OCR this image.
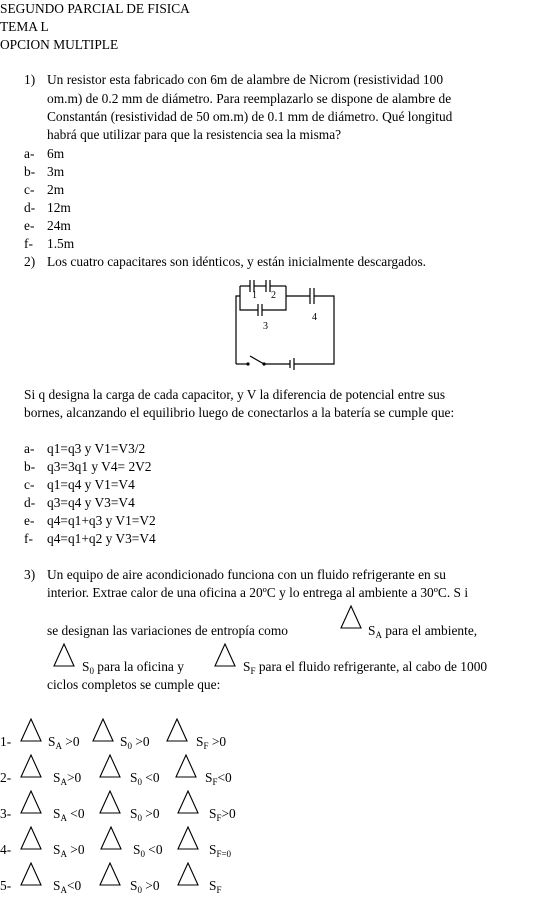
SEGUNDO PARCIAL DE FISICA
TEMA L
OPCION MULTIPLE
1) Un resistor esta fabricado con 6m de alambre de Nicrom (resistividad 100
om.m) de 0.2 mm de diámetro. Para reemplazarlo se dispone de alambre de
Constantán (resistividad de 50 om.m) de 0.1 mm de diámetro. Qué longitud
habrá que utilizar para que la resistencia sea la misma?
a- 6m
b- 3m
c- 2m
d- 12m
e- 24m
f- 1.5m
2) Los cuatro capacitares son idénticos, y están inicialmente descargados.
1 2
3
4
Si q designa la carga de cada capacitor, y V la diferencia de potencial entre sus
bornes, alcanzando el equilibrio luego de conectarlos a la batería se cumple que:
a- q1=q3 y V1=V3/2
b- q3=3q1 y V4= 2V2
c- q1=q4 y V1=V4
d- q3=q4 y V3=V4
e- q4=q1+q3 y V1=V2
f- q4=q1+q2 y V3=V4
3) Un equipo de aire acondicionado funciona con un fluido refrigerante en su
interior. Extrae calor de una oficina a 20ºC y lo entrega al ambiente a 30ºC. S i
se designan las variaciones de entropía como	$S_A$ para el ambiente,
$S_0$ para la oficina y	$S_F$ para el fluido refrigerante, al cabo de 1000
ciclos completos se cumple que:
1-	$S_A >0$	$S_0 >0$	$S_F >0$
2-	$S_A>0$	$S_0 <0$	$S_F<0$
3-	$S_A <0$	$S_0 >0$	$S_F>0$
4-	$S_A >0$	$S_0 <0$	$S_{F=0}$
5-	$S_A<0$	$S_0 >0$	$S_F$
